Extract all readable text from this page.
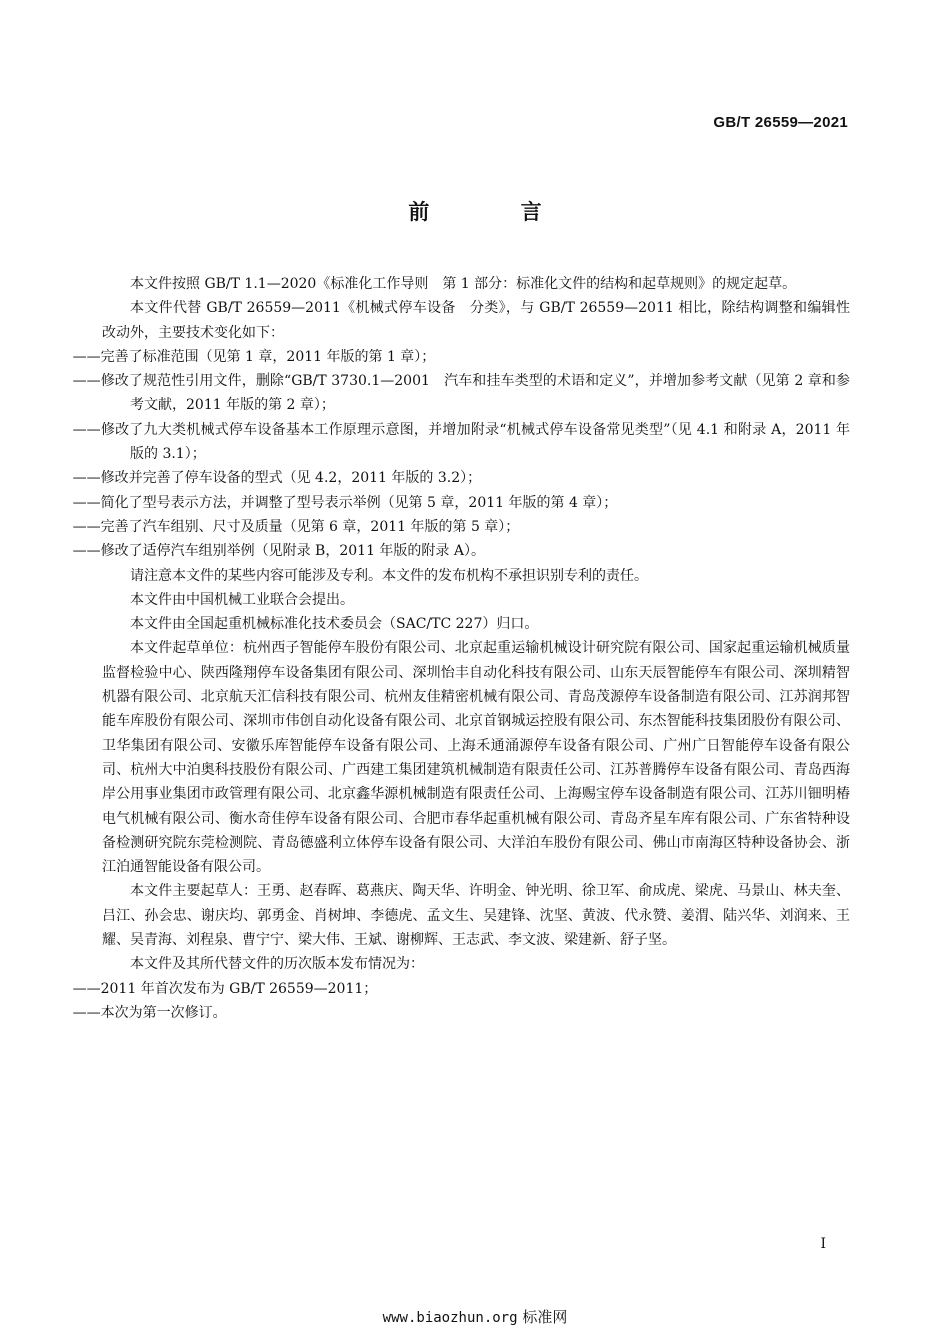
GB/T 26559—2021
前 言

本文件按照 GB/T 1.1—2020《标准化工作导则　第 1 部分：标准化文件的结构和起草规则》的规定起草。

本文件代替 GB/T 26559—2011《机械式停车设备　分类》，与 GB/T 26559—2011 相比，除结构调整和编辑性改动外，主要技术变化如下：

——完善了标准范围（见第 1 章，2011 年版的第 1 章）；

——修改了规范性引用文件，删除“GB/T 3730.1—2001　汽车和挂车类型的术语和定义”，并增加参考文献（见第 2 章和参考文献，2011 年版的第 2 章）；

——修改了九大类机械式停车设备基本工作原理示意图，并增加附录“机械式停车设备常见类型”（见 4.1 和附录 A，2011 年版的 3.1）；

——修改并完善了停车设备的型式（见 4.2，2011 年版的 3.2）；

——简化了型号表示方法，并调整了型号表示举例（见第 5 章，2011 年版的第 4 章）；

——完善了汽车组别、尺寸及质量（见第 6 章，2011 年版的第 5 章）；

——修改了适停汽车组别举例（见附录 B，2011 年版的附录 A）。

请注意本文件的某些内容可能涉及专利。本文件的发布机构不承担识别专利的责任。

本文件由中国机械工业联合会提出。

本文件由全国起重机械标准化技术委员会（SAC/TC 227）归口。

本文件起草单位：杭州西子智能停车股份有限公司、北京起重运输机械设计研究院有限公司、国家起重运输机械质量监督检验中心、陕西隆翔停车设备集团有限公司、深圳怡丰自动化科技有限公司、山东天辰智能停车有限公司、深圳精智机器有限公司、北京航天汇信科技有限公司、杭州友佳精密机械有限公司、青岛茂源停车设备制造有限公司、江苏润邦智能车库股份有限公司、深圳市伟创自动化设备有限公司、北京首钢城运控股有限公司、东杰智能科技集团股份有限公司、卫华集团有限公司、安徽乐库智能停车设备有限公司、上海禾通涌源停车设备有限公司、广州广日智能停车设备有限公司、杭州大中泊奥科技股份有限公司、广西建工集团建筑机械制造有限责任公司、江苏普腾停车设备有限公司、青岛西海岸公用事业集团市政管理有限公司、北京鑫华源机械制造有限责任公司、上海赐宝停车设备制造有限公司、江苏川钿明椿电气机械有限公司、衡水奇佳停车设备有限公司、合肥市春华起重机械有限公司、青岛齐星车库有限公司、广东省特种设备检测研究院东莞检测院、青岛德盛利立体停车设备有限公司、大洋泊车股份有限公司、佛山市南海区特种设备协会、浙江泊通智能设备有限公司。

本文件主要起草人：王勇、赵春晖、葛燕庆、陶天华、许明金、钟光明、徐卫军、俞成虎、梁虎、马景山、林夫奎、吕江、孙会忠、谢庆均、郭勇金、肖树坤、李德虎、孟文生、吴建锋、沈坚、黄波、代永赞、姜渭、陆兴华、刘润来、王耀、吴青海、刘程泉、曹宁宁、梁大伟、王斌、谢柳辉、王志武、李文波、梁建新、舒子坚。

本文件及其所代替文件的历次版本发布情况为：

——2011 年首次发布为 GB/T 26559—2011；

——本次为第一次修订。

I
www.biaozhun.org 标准网
